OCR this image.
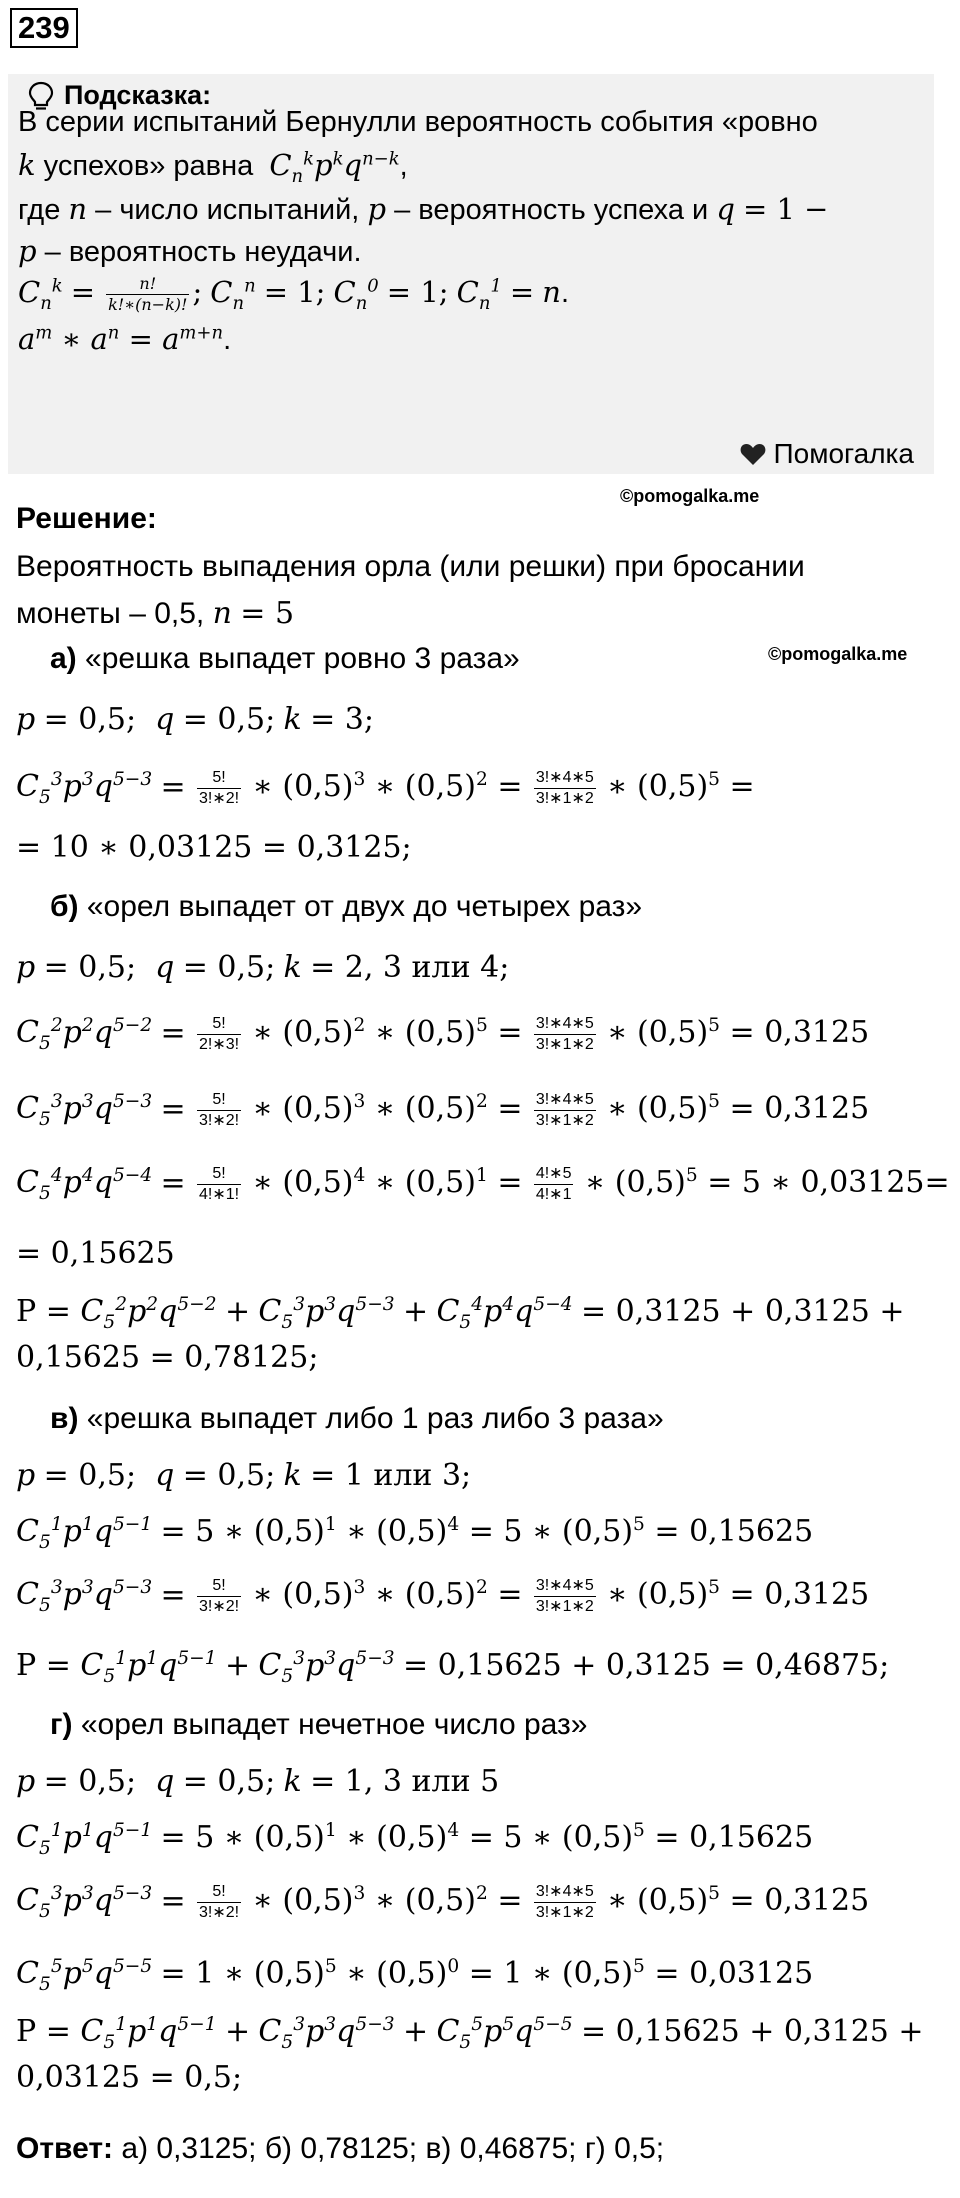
239
Подсказка:
В серии испытаний Бернулли вероятность события «ровно
k успехов» равна $C_n^kp^kq^{n-k}$,
где n – число испытаний, p – вероятность успеха и q = 1 −
p – вероятность неудачи.
$C_n^k = \frac{n!}{k!∗(n-k)!}$ ; $C_n^n = 1$; $C_n^0 = 1$; $C_n^1 = n$.
$a^m$ ∗ $a^n = a^{m+n}$.
Помогалка
©pomogalka.me
Решение:
Вероятность выпадения орла (или решки) при бросании
монеты – 0,5, n = 5
а) «решка выпадет ровно 3 раза»	©pomogalka.me
p = 0,5;  q = 0,5; k = 3;
$C_5^3p^3q^{5-3} = \frac{5!}{3!∗2!}$ ∗ $(0,5)^3$ ∗ $(0,5)^2 = \frac{3!∗4∗5}{3!∗1∗2}$ ∗ $(0,5)^5$ =
= 10 ∗ 0,03125 = 0,3125;
б) «орел выпадет от двух до четырех раз»
p = 0,5;  q = 0,5; k = 2, 3 или 4;
$C_5^2p^2q^{5-2} = \frac{5!}{2!∗3!}$ ∗ $(0,5)^2$ ∗ $(0,5)^5 = \frac{3!∗4∗5}{3!∗1∗2}$ ∗ $(0,5)^5 = 0,3125$
$C_5^3p^3q^{5-3} = \frac{5!}{3!∗2!}$ ∗ $(0,5)^3$ ∗ $(0,5)^2 = \frac{3!∗4∗5}{3!∗1∗2}$ ∗ $(0,5)^5 = 0,3125$
$C_5^4p^4q^{5-4} = \frac{5!}{4!∗1!}$ ∗ $(0,5)^4$ ∗ $(0,5)^1 = \frac{4!∗5}{4!∗1}$ ∗ $(0,5)^5 = 5$ ∗ 0,03125=
= 0,15625
$P = C_5^2p^2q^{5-2} + C_5^3p^3q^{5-3} + C_5^4p^4q^{5-4} = 0,3125 + 0,3125$ +
0,15625 = 0,78125;
в) «решка выпадет либо 1 раз либо 3 раза»
p = 0,5;  q = 0,5; k = 1 или 3;
$C_5^1p^1q^{5-1} = 5$ ∗ $(0,5)^1$ ∗ $(0,5)^4 = 5$ ∗ $(0,5)^5 = 0,15625$
$C_5^3p^3q^{5-3} = \frac{5!}{3!∗2!}$ ∗ $(0,5)^3$ ∗ $(0,5)^2 = \frac{3!∗4∗5}{3!∗1∗2}$ ∗ $(0,5)^5 = 0,3125$
$P = C_5^1p^1q^{5-1} + C_5^3p^3q^{5-3} = 0,15625 + 0,3125 = 0,46875$;
г) «орел выпадет нечетное число раз»
p = 0,5;  q = 0,5; k = 1, 3 или 5
$C_5^1p^1q^{5-1} = 5$ ∗ $(0,5)^1$ ∗ $(0,5)^4 = 5$ ∗ $(0,5)^5 = 0,15625$
$C_5^3p^3q^{5-3} = \frac{5!}{3!∗2!}$ ∗ $(0,5)^3$ ∗ $(0,5)^2 = \frac{3!∗4∗5}{3!∗1∗2}$ ∗ $(0,5)^5 = 0,3125$
$C_5^5p^5q^{5-5} = 1$ ∗ $(0,5)^5$ ∗ $(0,5)^0 = 1$ ∗ $(0,5)^5 = 0,03125$
$P = C_5^1p^1q^{5-1} + C_5^3p^3q^{5-3} + C_5^5p^5q^{5-5} = 0,15625 + 0,3125$ +
0,03125 = 0,5;
Ответ: а) 0,3125; б) 0,78125; в) 0,46875; г) 0,5;
